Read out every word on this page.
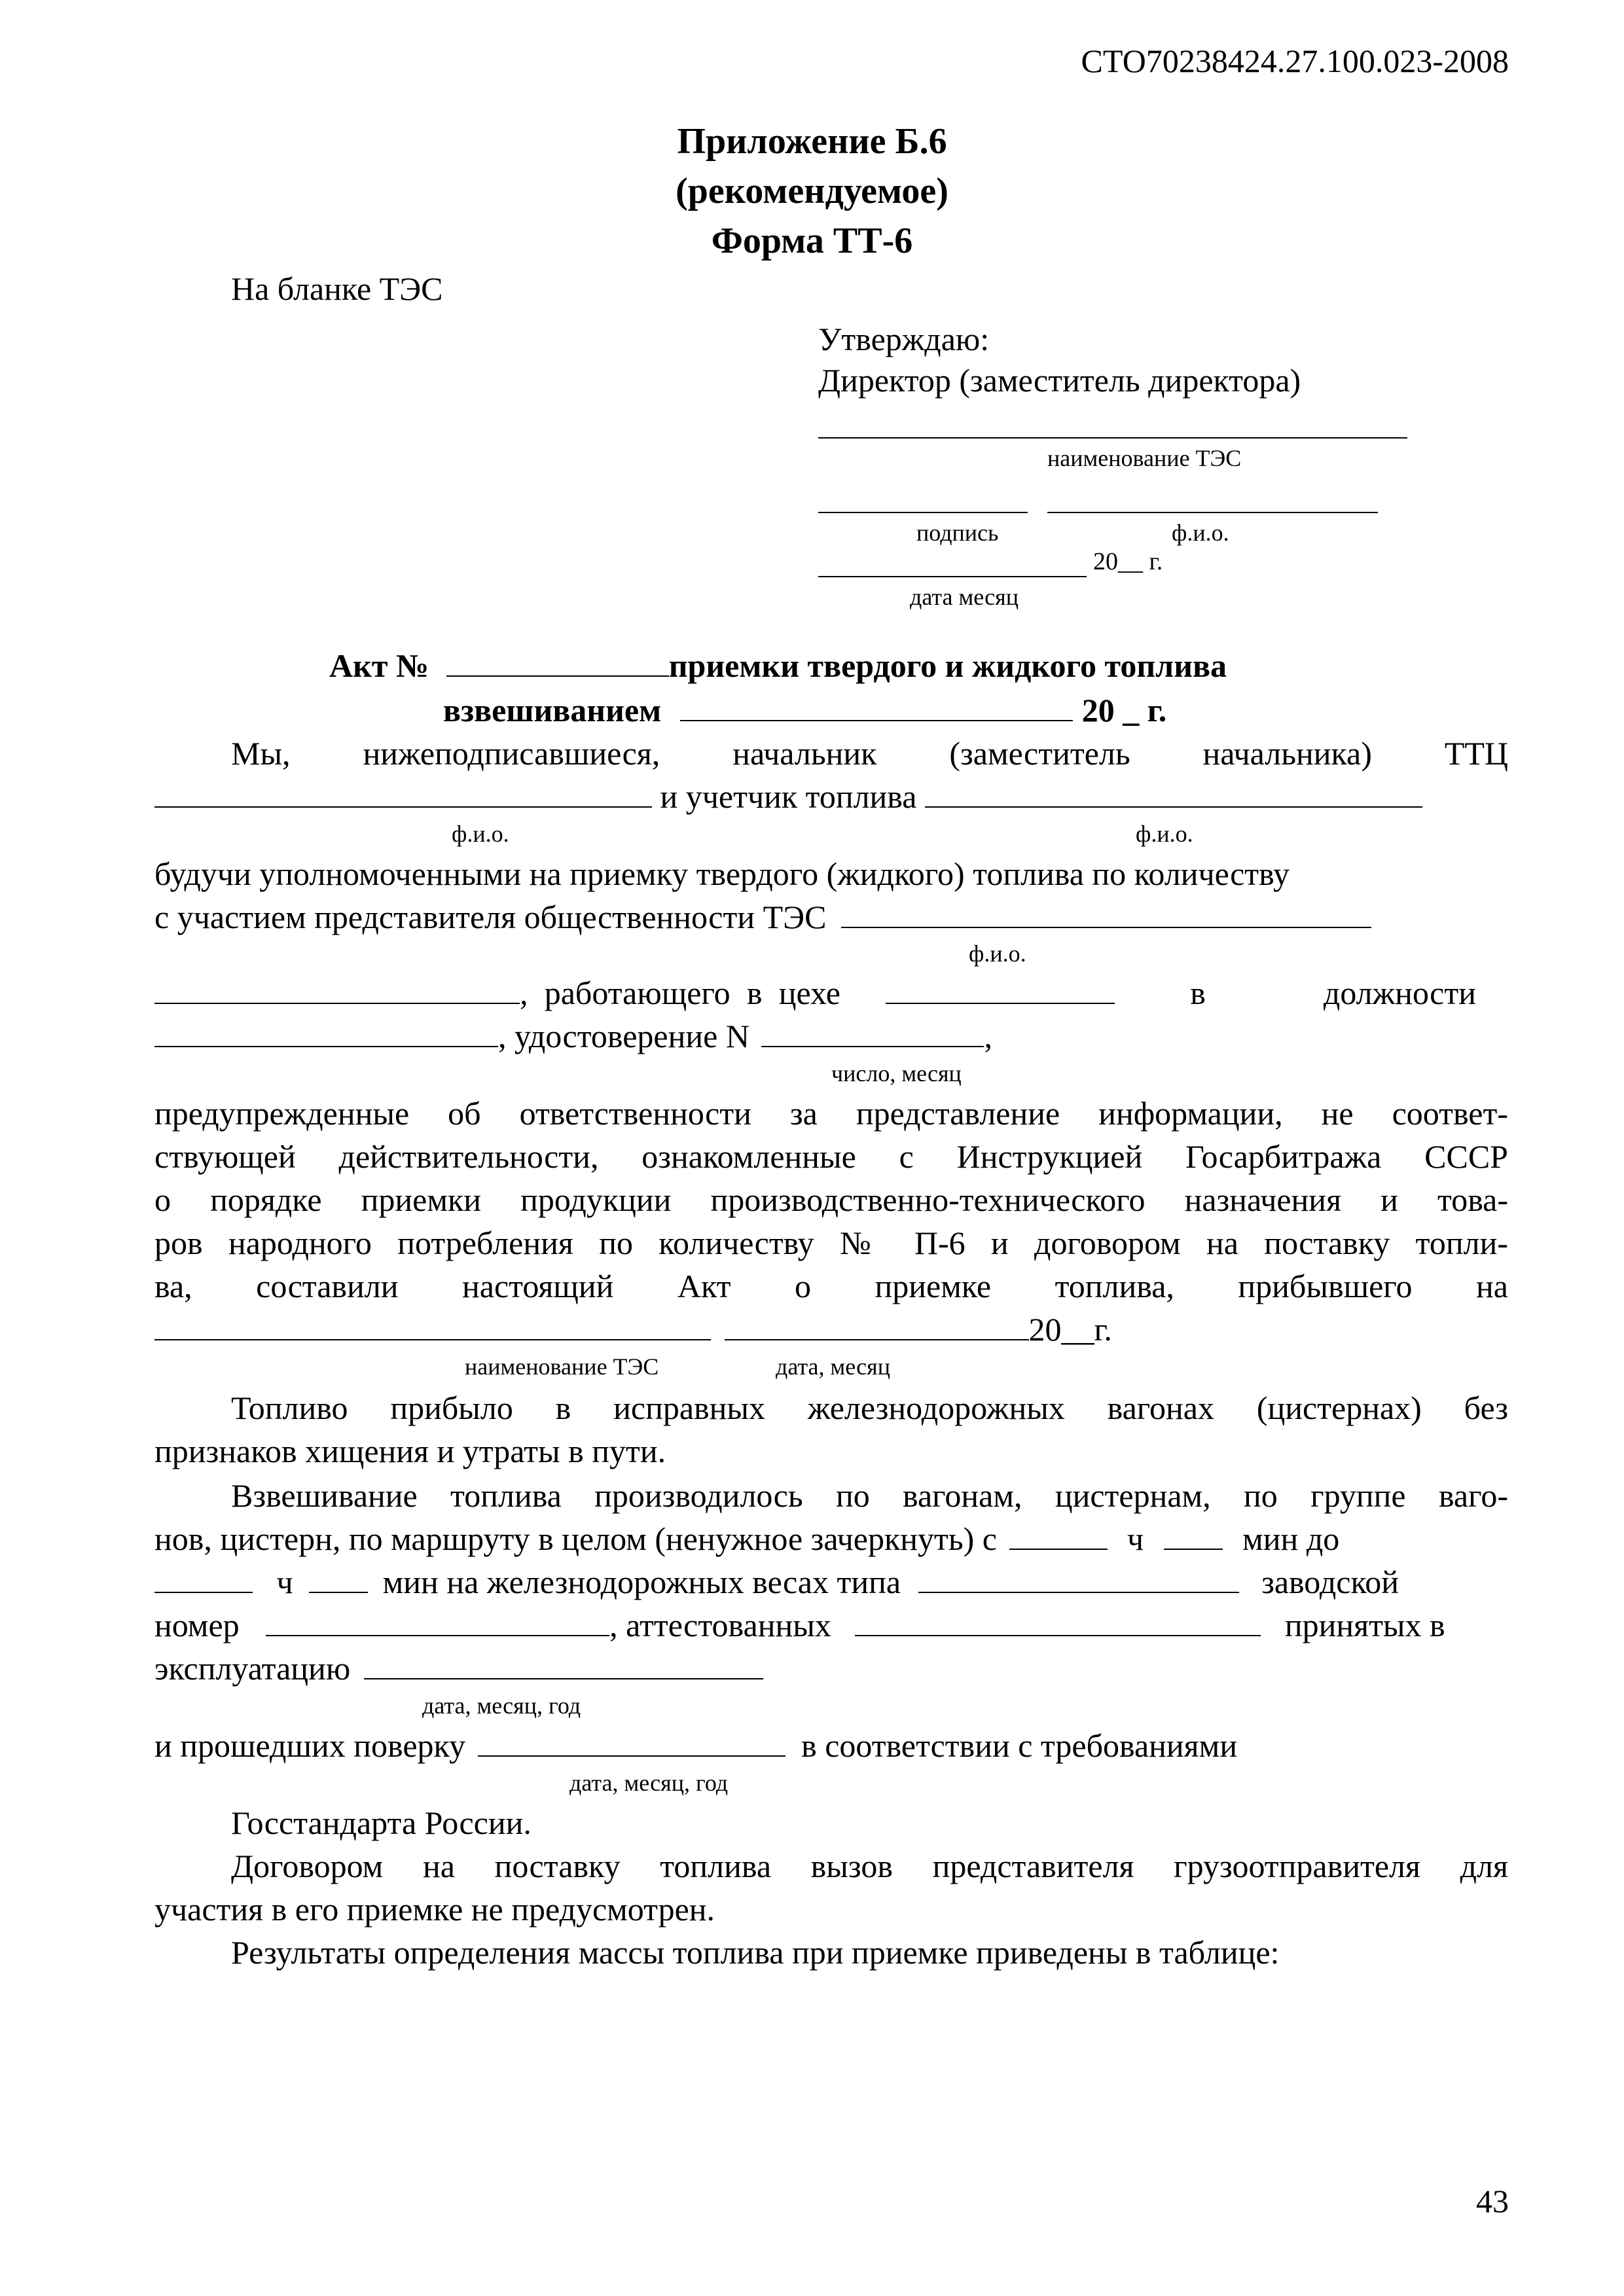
СТО70238424.27.100.023-2008
Приложение Б.6
(рекомендуемое)
Форма ТТ-6
На бланке ТЭС
Утверждаю:
Директор (заместитель директора)
наименование ТЭС
подпись	ф.и.о.
20__ г.
дата месяц
Акт №	приемки твердого и жидкого топлива
взвешиванием	20 _ г.
Мы, нижеподписавшиеся, начальник (заместитель начальника) ТТЦ
и учетчик топлива
ф.и.о.	ф.и.о.
будучи уполномоченными на приемку твердого (жидкого) топлива по количеству
с участием представителя общественности ТЭС
ф.и.о.
, работающего в цехе	в	должности
, удостоверение N	,
число, месяц
предупрежденные об ответственности за представление информации, не соответ-
ствующей действительности, ознакомленные с Инструкцией Госарбитража СССР
о порядке приемки продукции производственно-технического назначения и това-
ров народного потребления по количеству № П-6 и договором на поставку топли-
ва, составили настоящий Акт о приемке топлива, прибывшего на
20__г.
наименование ТЭС	дата, месяц
Топливо прибыло в исправных железнодорожных вагонах (цистернах) без
признаков хищения и утраты в пути.
Взвешивание топлива производилось по вагонам, цистернам, по группе ваго-
нов, цистерн, по маршруту в целом (ненужное зачеркнуть) с	ч	мин до
ч	мин на железнодорожных весах типа	заводской
номер	, аттестованных	принятых в
эксплуатацию
дата, месяц, год
и прошедших поверку	в соответствии с требованиями
дата, месяц, год
Госстандарта России.
Договором на поставку топлива вызов представителя грузоотправителя для
участия в его приемке не предусмотрен.
Результаты определения массы топлива при приемке приведены в таблице:
43
